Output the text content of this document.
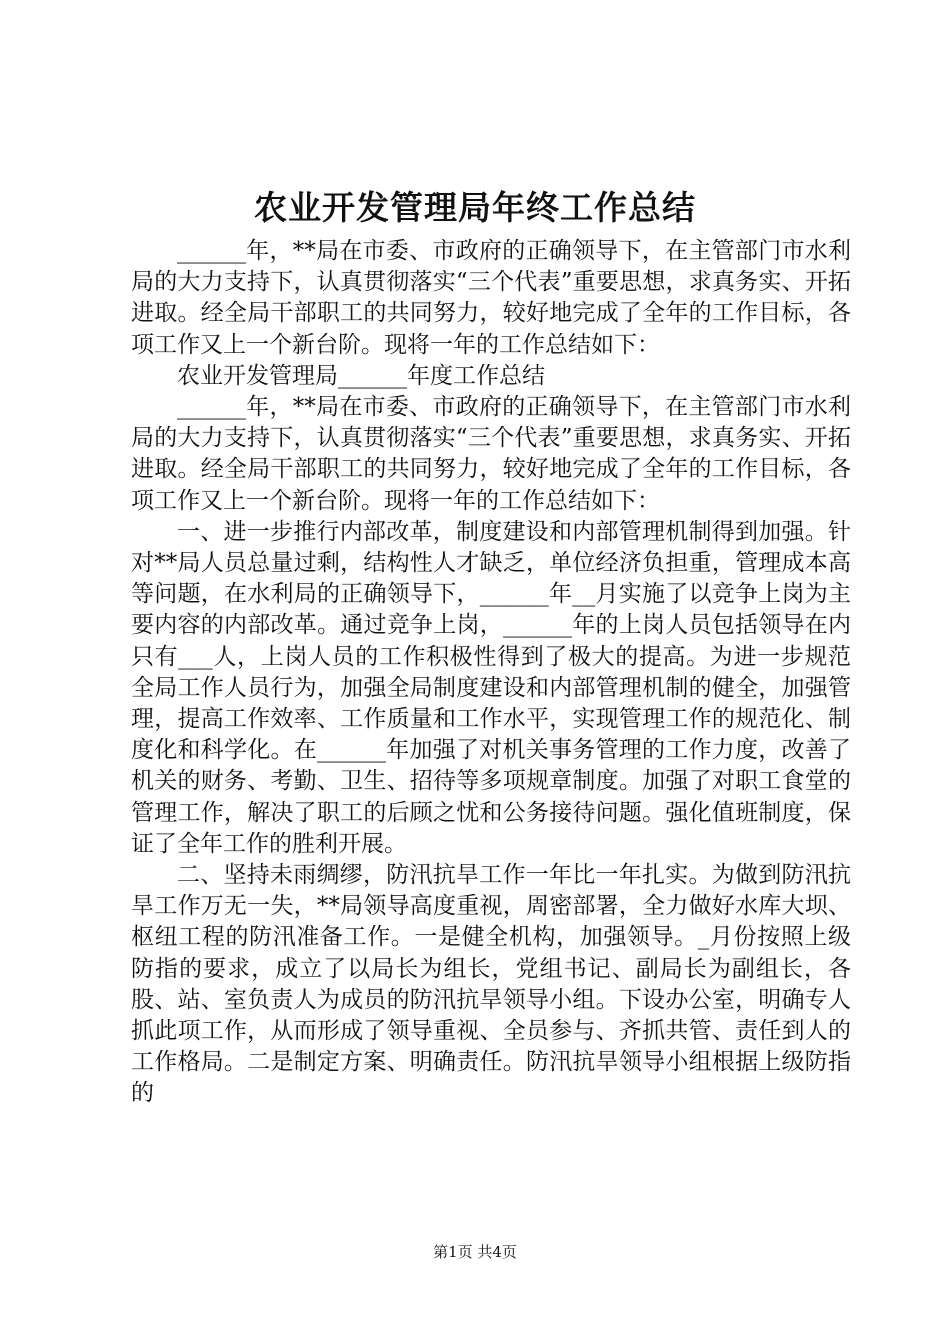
农业开发管理局年终工作总结

______年，**局在市委、市政府的正确领导下，在主管部门市水利局的大力支持下，认真贯彻落实“三个代表”重要思想，求真务实、开拓进取。经全局干部职工的共同努力，较好地完成了全年的工作目标，各项工作又上一个新台阶。现将一年的工作总结如下：

农业开发管理局______年度工作总结

______年，**局在市委、市政府的正确领导下，在主管部门市水利局的大力支持下，认真贯彻落实“三个代表”重要思想，求真务实、开拓进取。经全局干部职工的共同努力，较好地完成了全年的工作目标，各项工作又上一个新台阶。现将一年的工作总结如下：

一、进一步推行内部改革，制度建设和内部管理机制得到加强。针对**局人员总量过剩，结构性人才缺乏，单位经济负担重，管理成本高等问题，在水利局的正确领导下，______年__月实施了以竞争上岗为主要内容的内部改革。通过竞争上岗，______年的上岗人员包括领导在内只有___人，上岗人员的工作积极性得到了极大的提高。为进一步规范全局工作人员行为，加强全局制度建设和内部管理机制的健全，加强管理，提高工作效率、工作质量和工作水平，实现管理工作的规范化、制度化和科学化。在______年加强了对机关事务管理的工作力度，改善了机关的财务、考勤、卫生、招待等多项规章制度。加强了对职工食堂的管理工作，解决了职工的后顾之忧和公务接待问题。强化值班制度，保证了全年工作的胜利开展。

二、坚持未雨绸缪，防汛抗旱工作一年比一年扎实。为做到防汛抗旱工作万无一失，**局领导高度重视，周密部署，全力做好水库大坝、枢纽工程的防汛准备工作。一是健全机构，加强领导。_月份按照上级防指的要求，成立了以局长为组长，党组书记、副局长为副组长，各股、站、室负责人为成员的防汛抗旱领导小组。下设办公室，明确专人抓此项工作，从而形成了领导重视、全员参与、齐抓共管、责任到人的工作格局。二是制定方案、明确责任。防汛抗旱领导小组根据上级防指的

第1页 共4页
